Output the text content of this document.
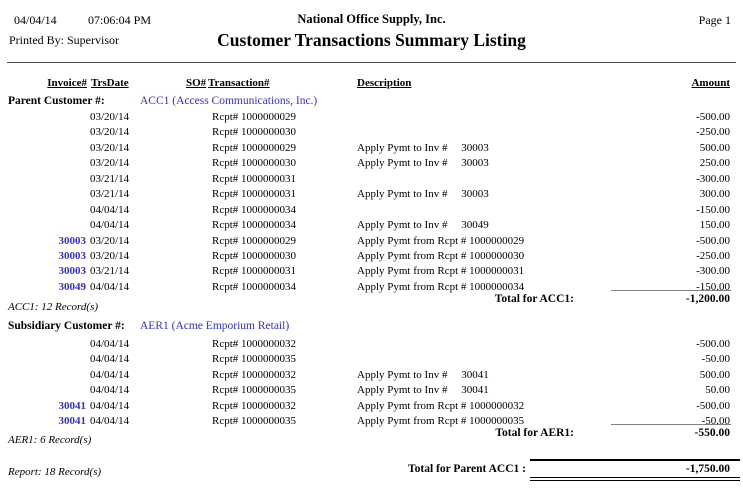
04/04/14	07:06:04 PM	National Office Supply, Inc.	Page 1
Printed By: Supervisor	Customer Transactions Summary Listing
Invoice# TrsDate	SO# Transaction#	Description	Amount
Parent Customer #:	ACC1 (Access Communications, Inc.)
03/20/14	Rcpt# 1000000029	-500.00
03/20/14	Rcpt# 1000000030	-250.00
03/20/14	Rcpt# 1000000029	Apply Pymt to Inv #     30003	500.00
03/20/14	Rcpt# 1000000030	Apply Pymt to Inv #     30003	250.00
03/21/14	Rcpt# 1000000031	-300.00
03/21/14	Rcpt# 1000000031	Apply Pymt to Inv #     30003	300.00
04/04/14	Rcpt# 1000000034	-150.00
04/04/14	Rcpt# 1000000034	Apply Pymt to Inv #     30049	150.00
30003 03/20/14	Rcpt# 1000000029	Apply Pymt from Rcpt # 1000000029	-500.00
30003 03/20/14	Rcpt# 1000000030	Apply Pymt from Rcpt # 1000000030	-250.00
30003 03/21/14	Rcpt# 1000000031	Apply Pymt from Rcpt # 1000000031	-300.00
30049 04/04/14	Rcpt# 1000000034	Apply Pymt from Rcpt # 1000000034	-150.00
ACC1: 12 Record(s)
Total for ACC1:	-1,200.00
Subsidiary Customer #: AER1 (Acme Emporium Retail)
04/04/14	Rcpt# 1000000032	-500.00
04/04/14	Rcpt# 1000000035	-50.00
04/04/14	Rcpt# 1000000032	Apply Pymt to Inv #     30041	500.00
04/04/14	Rcpt# 1000000035	Apply Pymt to Inv #     30041	50.00
30041 04/04/14	Rcpt# 1000000032	Apply Pymt from Rcpt # 1000000032	-500.00
30041 04/04/14	Rcpt# 1000000035	Apply Pymt from Rcpt # 1000000035	-50.00
AER1: 6 Record(s)
Total for AER1:	-550.00
Report: 18 Record(s)	Total for Parent ACC1 :	-1,750.00
